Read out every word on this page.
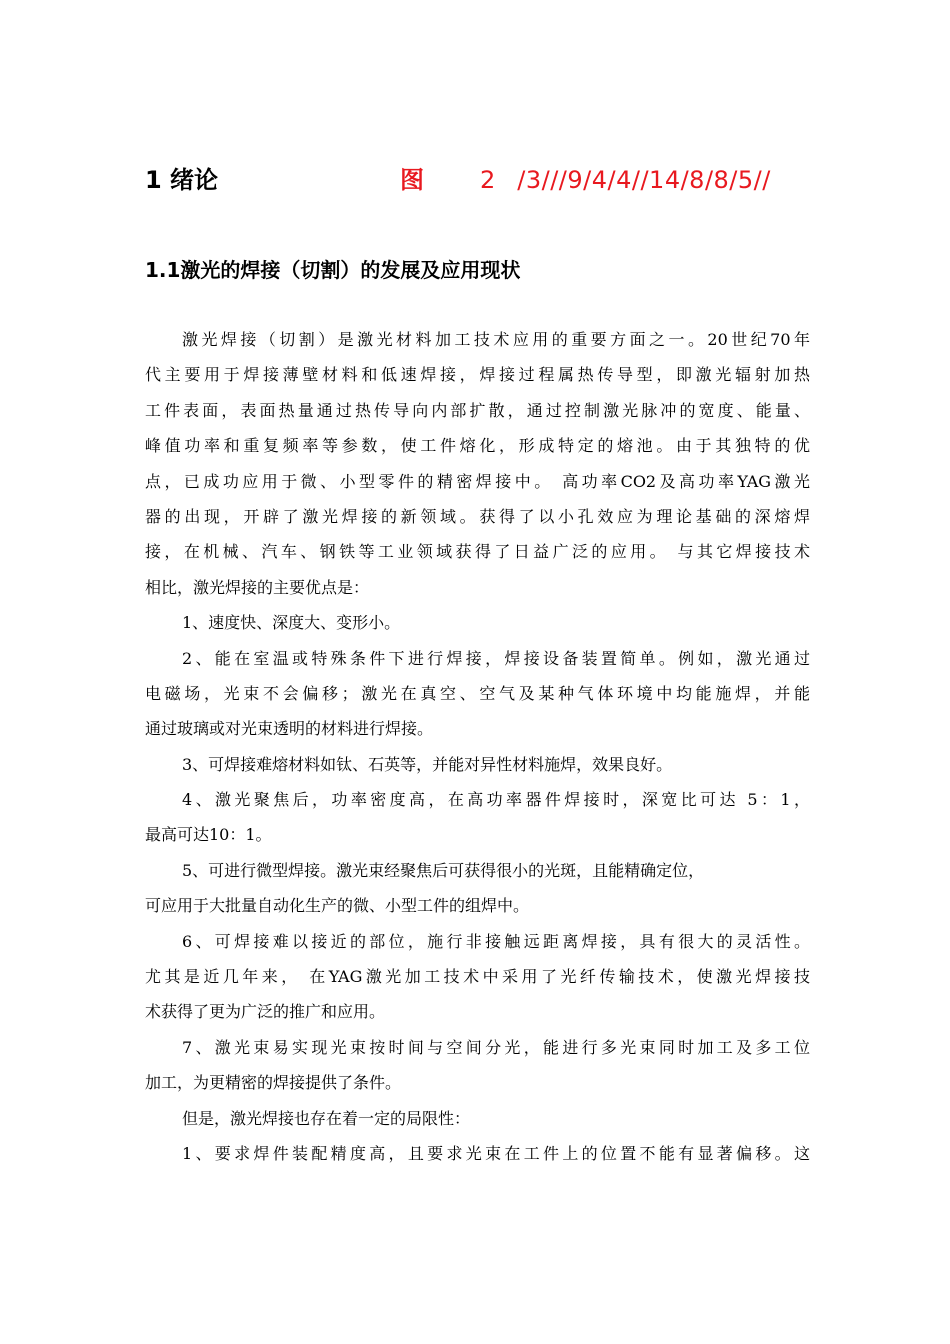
1 绪论	图 2 /3///9/4/4//14/8/8/5//
1.1激光的焊接（切割）的发展及应用现状
激光焊接（切割）是激光材料加工技术应用的重要方面之一。20世纪70年
代主要用于焊接薄壁材料和低速焊接，焊接过程属热传导型，即激光辐射加热
工件表面，表面热量通过热传导向内部扩散，通过控制激光脉冲的宽度、能量、
峰值功率和重复频率等参数，使工件熔化，形成特定的熔池。由于其独特的优
点，已成功应用于微、小型零件的精密焊接中。 高功率CO2及高功率YAG激光
器的出现，开辟了激光焊接的新领域。获得了以小孔效应为理论基础的深熔焊
接，在机械、汽车、钢铁等工业领域获得了日益广泛的应用。 与其它焊接技术
相比，激光焊接的主要优点是：
1、速度快、深度大、变形小。
2、能在室温或特殊条件下进行焊接，焊接设备装置简单。例如，激光通过
电磁场，光束不会偏移；激光在真空、空气及某种气体环境中均能施焊，并能
通过玻璃或对光束透明的材料进行焊接。
3、可焊接难熔材料如钛、石英等，并能对异性材料施焊，效果良好。
4、激光聚焦后，功率密度高，在高功率器件焊接时，深宽比可达 5：1，
最高可达10：1。
5、可进行微型焊接。激光束经聚焦后可获得很小的光斑，且能精确定位，
可应用于大批量自动化生产的微、小型工件的组焊中。
6、可焊接难以接近的部位，施行非接触远距离焊接，具有很大的灵活性。
尤其是近几年来， 在YAG激光加工技术中采用了光纤传输技术，使激光焊接技
术获得了更为广泛的推广和应用。
7、激光束易实现光束按时间与空间分光，能进行多光束同时加工及多工位
加工，为更精密的焊接提供了条件。
但是，激光焊接也存在着一定的局限性：
1、要求焊件装配精度高，且要求光束在工件上的位置不能有显著偏移。这
